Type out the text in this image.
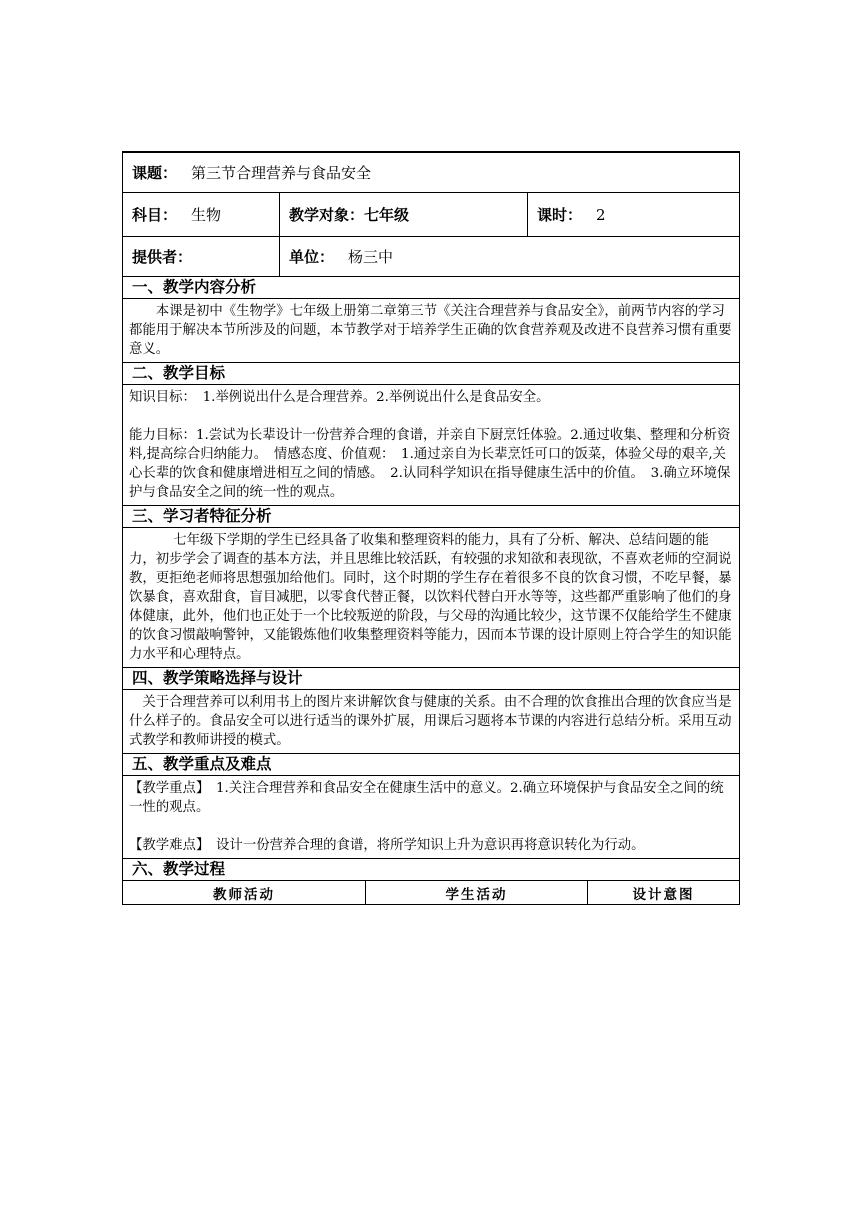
课题： 第三节合理营养与食品安全
科目： 生物	教学对象：七年级	课时： 2
提供者：	单位： 杨三中
一、教学内容分析
本课是初中《生物学》七年级上册第二章第三节《关注合理营养与食品安全》，前两节内容的学习都能用于解决本节所涉及的问题，本节教学对于培养学生正确的饮食营养观及改进不良营养习惯有重要意义。
二、教学目标
知识目标：　1.举例说出什么是合理营养。2.举例说出什么是食品安全。
能力目标：1.尝试为长辈设计一份营养合理的食谱，并亲自下厨烹饪体验。2.通过收集、整理和分析资料,提高综合归纳能力。　情感态度、价值观：　1.通过亲自为长辈烹饪可口的饭菜，体验父母的艰辛,关心长辈的饮食和健康增进相互之间的情感。　2.认同科学知识在指导健康生活中的价值。　3.确立环境保护与食品安全之间的统一性的观点。
三、学习者特征分析
七年级下学期的学生已经具备了收集和整理资料的能力，具有了分析、解决、总结问题的能力，初步学会了调查的基本方法，并且思维比较活跃，有较强的求知欲和表现欲，不喜欢老师的空洞说教，更拒绝老师将思想强加给他们。同时，这个时期的学生存在着很多不良的饮食习惯，不吃早餐，暴饮暴食，喜欢甜食，盲目减肥，以零食代替正餐，以饮料代替白开水等等，这些都严重影响了他们的身体健康，此外，他们也正处于一个比较叛逆的阶段，与父母的沟通比较少，这节课不仅能给学生不健康的饮食习惯敲响警钟，又能锻炼他们收集整理资料等能力，因而本节课的设计原则上符合学生的知识能力水平和心理特点。
四、教学策略选择与设计
关于合理营养可以利用书上的图片来讲解饮食与健康的关系。由不合理的饮食推出合理的饮食应当是什么样子的。食品安全可以进行适当的课外扩展，用课后习题将本节课的内容进行总结分析。采用互动式教学和教师讲授的模式。
五、教学重点及难点
【教学重点】　1.关注合理营养和食品安全在健康生活中的意义。2.确立环境保护与食品安全之间的统一性的观点。
【教学难点】　设计一份营养合理的食谱，将所学知识上升为意识再将意识转化为行动。
六、教学过程
教师活动	学生活动	设计意图
